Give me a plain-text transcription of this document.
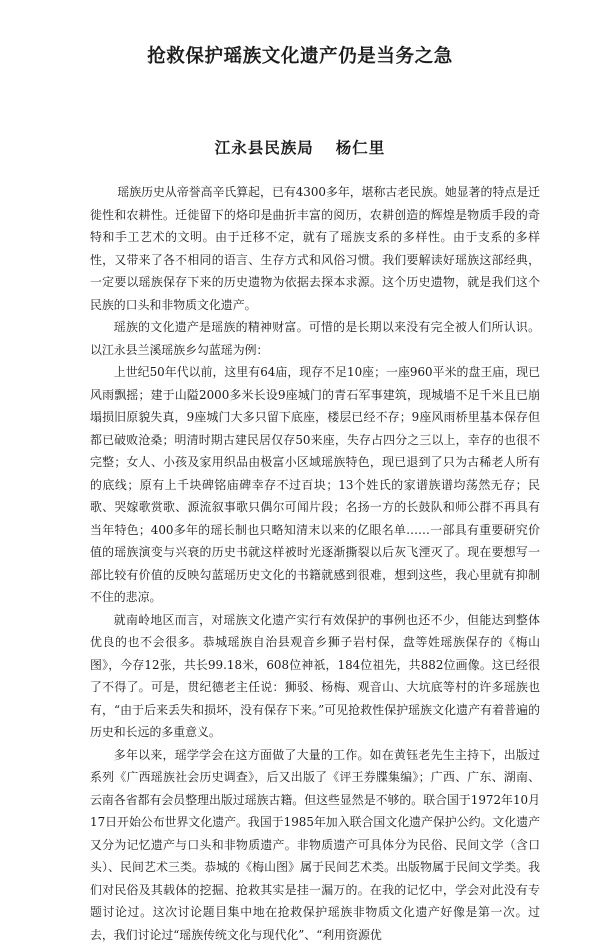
抢救保护瑶族文化遗产仍是当务之急
江永县民族局 杨仁里

瑶族历史从帝誉高辛氏算起，已有4300多年，堪称古老民族。她显著的特点是迁徙性和农耕性。迁徙留下的烙印是曲折丰富的阅历，农耕创造的辉煌是物质手段的奇特和手工艺术的文明。由于迁移不定，就有了瑶族支系的多样性。由于支系的多样性，又带来了各不相同的语言、生存方式和风俗习惯。我们要解读好瑶族这部经典，一定要以瑶族保存下来的历史遗物为依据去探本求源。这个历史遗物，就是我们这个民族的口头和非物质文化遗产。

瑶族的文化遗产是瑶族的精神财富。可惜的是长期以来没有完全被人们所认识。以江永县兰溪瑶族乡勾蓝瑶为例：

上世纪50年代以前，这里有64庙，现存不足10座；一座960平米的盘王庙，现已风雨飘摇；建于山隘2000多米长设9座城门的青石军事建筑，现城墙不足千米且已崩塌损旧原貌失真，9座城门大多只留下底座，楼层已经不存；9座风雨桥里基本保存但都已破败沧桑；明清时期古建民居仅存50来座，失存占四分之三以上，幸存的也很不完整；女人、小孩及家用织品由极富小区域瑶族特色，现已退到了只为古稀老人所有的底线；原有上千块碑铭庙碑幸存不过百块；13个姓氏的家谱族谱均荡然无存；民歌、哭嫁歌赏歌、源流叙事歌只偶尔可闻片段；名扬一方的长鼓队和师公群不再具有当年特色；400多年的瑶长制也只略知清末以来的亿眼名单……一部具有重要研究价值的瑶族演变与兴衰的历史书就这样被时光逐渐撕裂以后灰飞湮灭了。现在要想写一部比较有价值的反映勾蓝瑶历史文化的书籍就感到很难，想到这些，我心里就有抑制不住的悲凉。

就南岭地区而言，对瑶族文化遗产实行有效保护的事例也还不少，但能达到整体优良的也不会很多。恭城瑶族自治县观音乡狮子岩村保，盘等姓瑶族保存的《梅山图》，今存12张，共长99.18米，608位神祇，184位祖先，共882位画像。这已经很了不得了。可是，贯纪德老主任说：狮驳、杨梅、观音山、大坑底等村的许多瑶族也有，“由于后来丢失和损坏，没有保存下来。”可见抢救性保护瑶族文化遗产有着普遍的历史和长远的多重意义。

多年以来，瑶学学会在这方面做了大量的工作。如在黄钰老先生主持下，出版过系列《广西瑶族社会历史调查》，后又出版了《评王券牒集编》；广西、广东、湖南、云南各省都有会员整理出版过瑶族古籍。但这些显然是不够的。联合国于1972年10月17日开始公布世界文化遗产。我国于1985年加入联合国文化遗产保护公约。文化遗产又分为记忆遗产与口头和非物质遗产。非物质遗产可具体分为民俗、民间文学（含口头）、民间艺术三类。恭城的《梅山图》属于民间艺术类。出版物属于民间文学类。我们对民俗及其载体的挖掘、抢救其实是挂一漏万的。在我的记忆中，学会对此没有专题讨论过。这次讨论题目集中地在抢救保护瑶族非物质文化遗产好像是第一次。过去，我们讨论过“瑶族传统文化与现代化”、“利用资源优
